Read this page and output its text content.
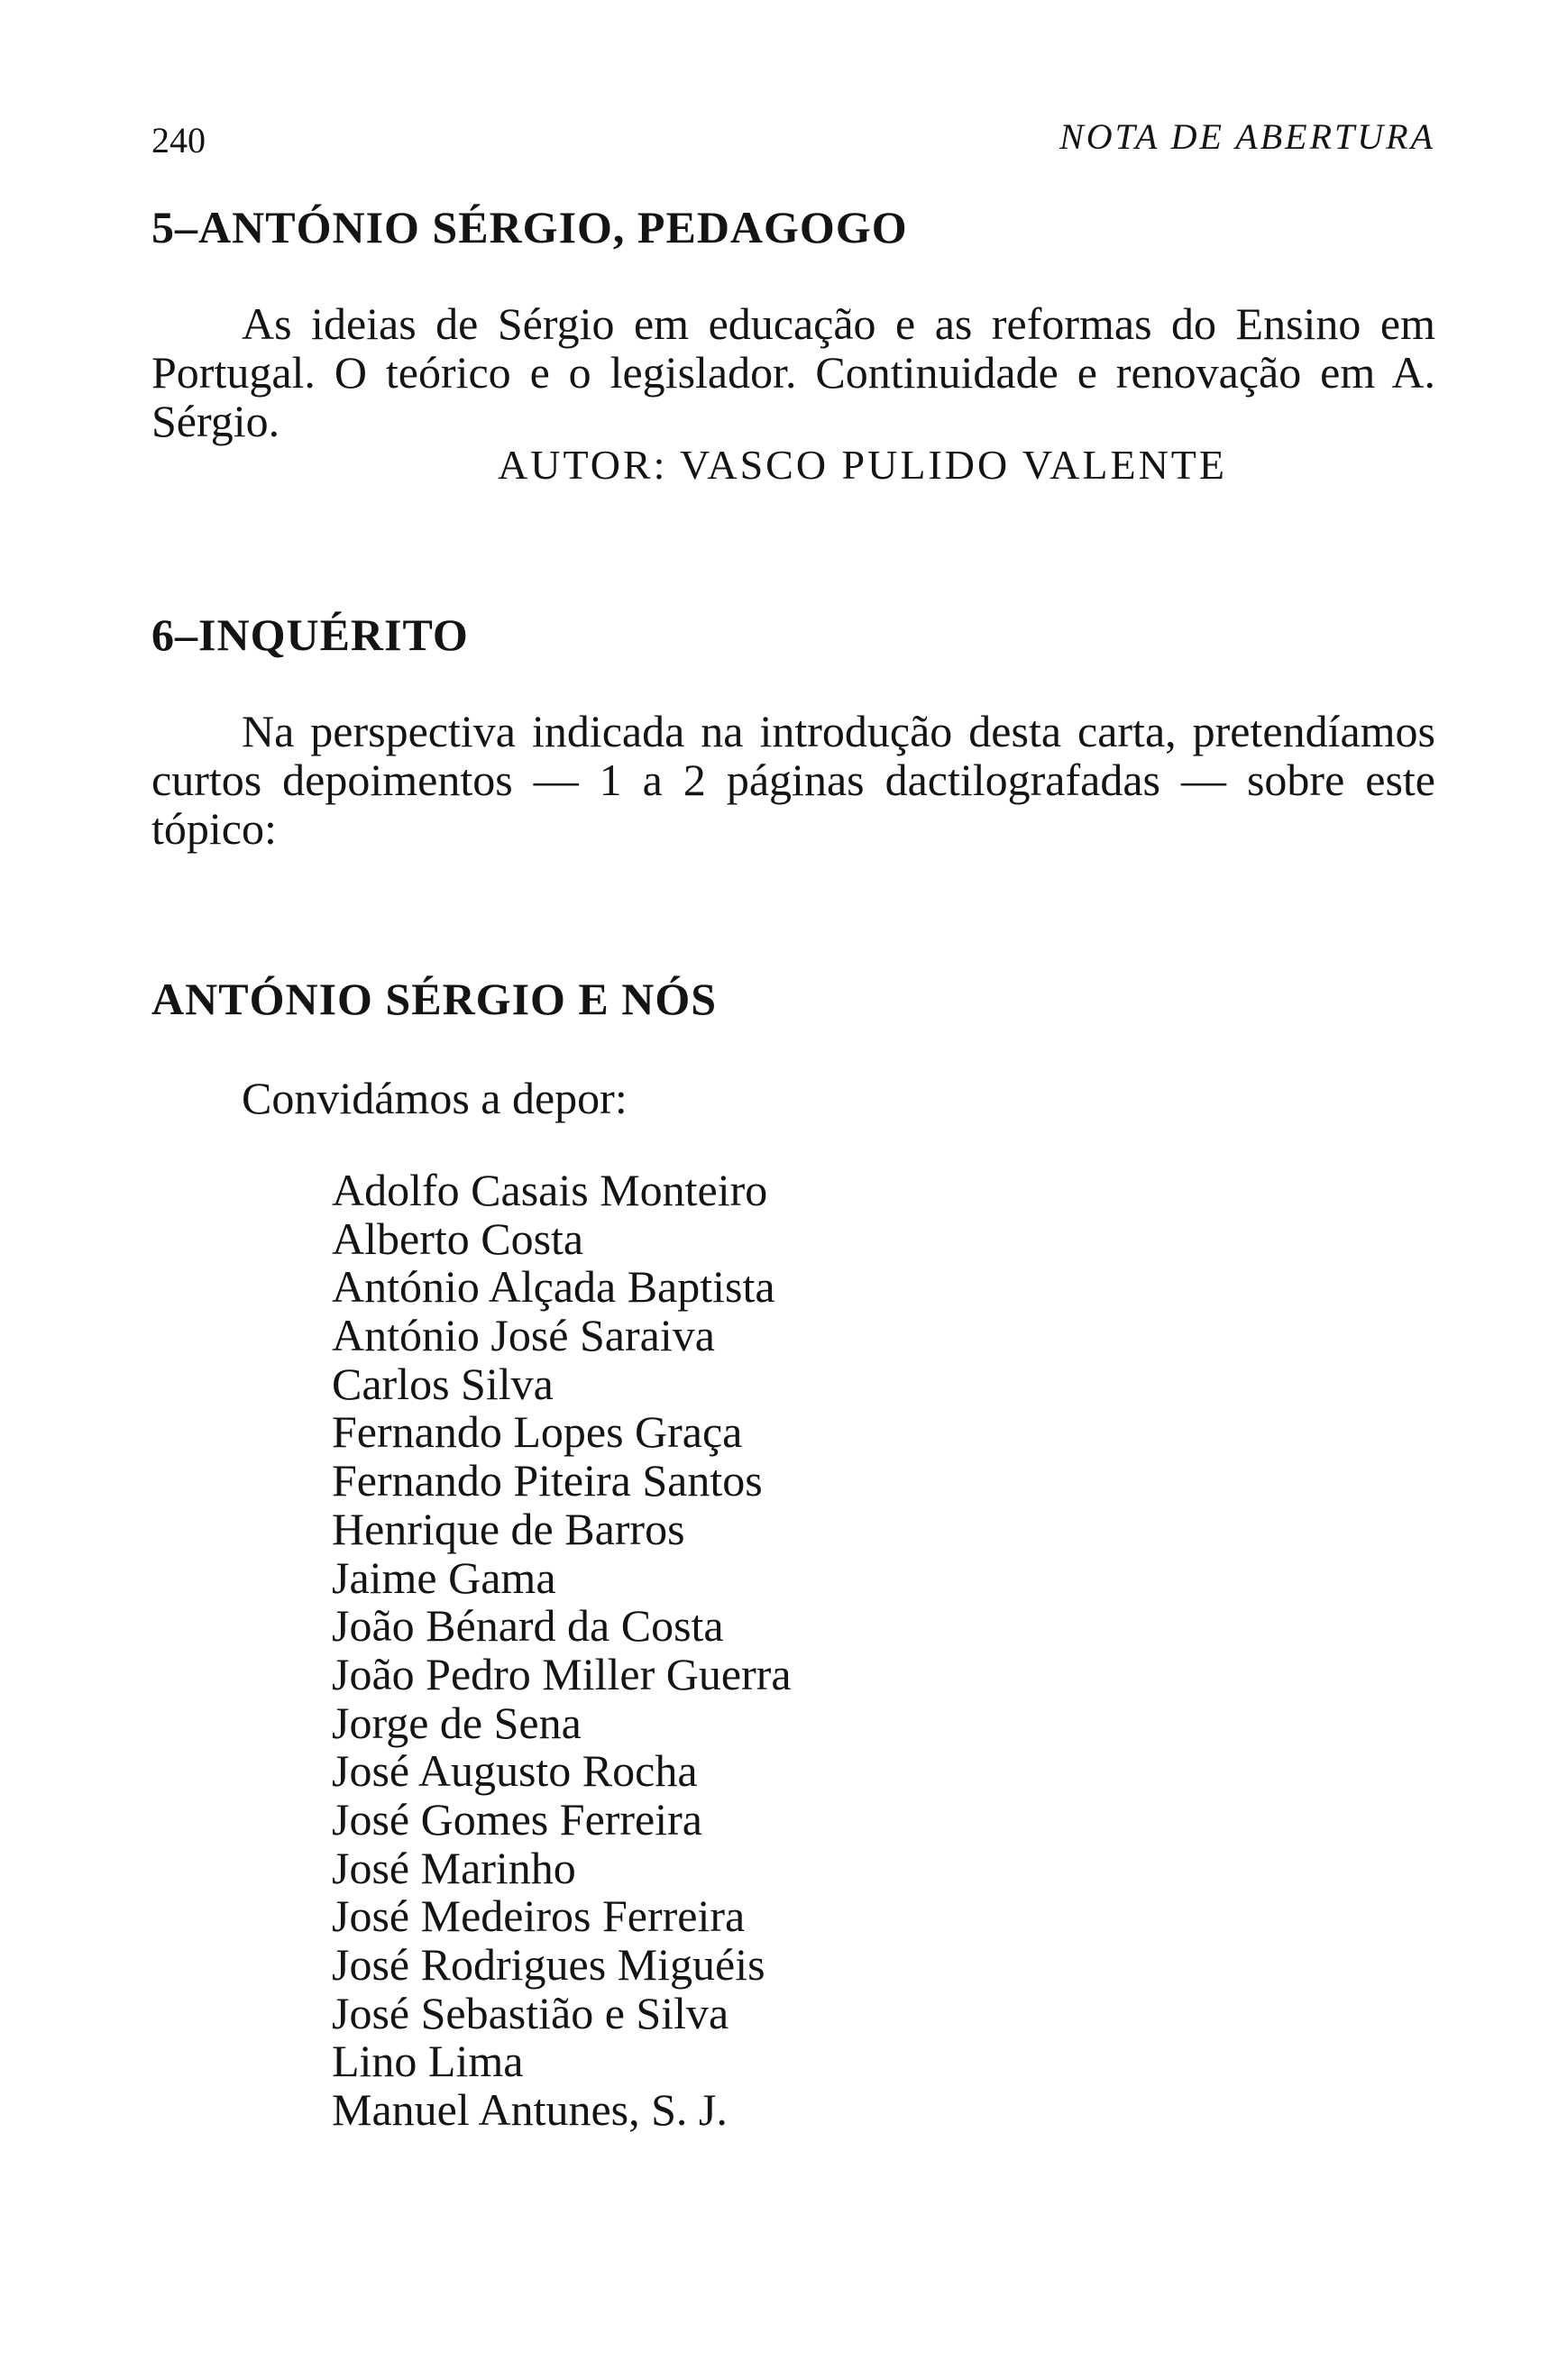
240	NOTA DE ABERTURA
5–ANTÓNIO SÉRGIO, PEDAGOGO

As ideias de Sérgio em educação e as reformas do Ensino em Portugal. O teórico e o legislador. Continuidade e renovação em A. Sérgio.

AUTOR: VASCO PULIDO VALENTE
6–INQUÉRITO

Na perspectiva indicada na introdução desta carta, pretendíamos curtos depoimentos — 1 a 2 páginas dactilografadas — sobre este tópico:

ANTÓNIO SÉRGIO E NÓS
Convidámos a depor:
Adolfo Casais Monteiro
Alberto Costa
António Alçada Baptista
António José Saraiva
Carlos Silva
Fernando Lopes Graça
Fernando Piteira Santos
Henrique de Barros
Jaime Gama
João Bénard da Costa
João Pedro Miller Guerra
Jorge de Sena
José Augusto Rocha
José Gomes Ferreira
José Marinho
José Medeiros Ferreira
José Rodrigues Miguéis
José Sebastião e Silva
Lino Lima
Manuel Antunes, S. J.
